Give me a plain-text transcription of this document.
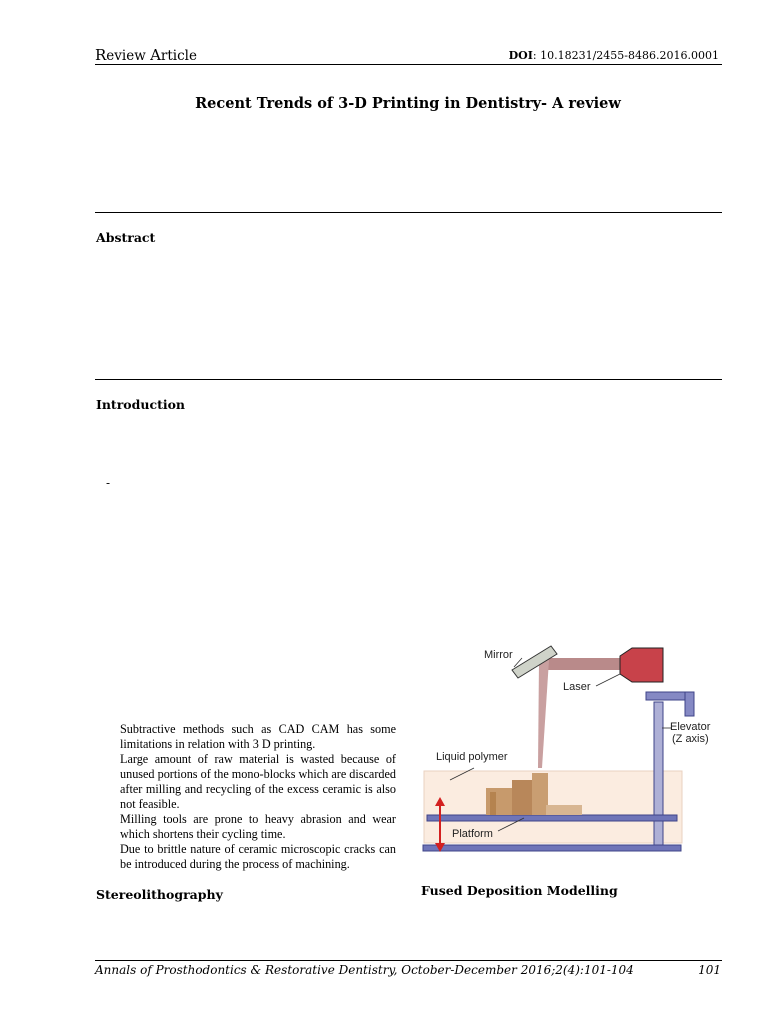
Review Article	DOI: 10.18231/2455-8486.2016.0001
Recent Trends of 3-D Printing in Dentistry- A review
Abstract
Introduction
-

Subtractive methods such as CAD CAM has some limitations in relation with 3 D printing.

Large amount of raw material is wasted because of unused portions of the mono-blocks which are discarded after milling and recycling of the excess ceramic is also not feasible.

Milling tools are prone to heavy abrasion and wear which shortens their cycling time.

Due to brittle nature of ceramic microscopic cracks can be introduced during the process of machining.

Mirror
Laser
Elevator
(Z axis)
Liquid polymer
Platform
Fused Deposition Modelling
Stereolithography
Annals of Prosthodontics & Restorative Dentistry, October-December 2016;2(4):101-104	101
